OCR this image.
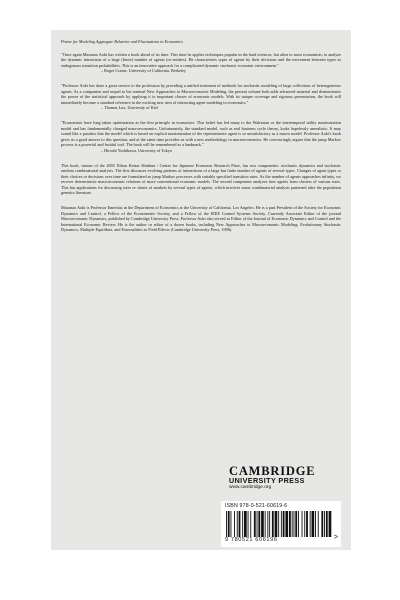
Praise for Modeling Aggregate Behavior and Fluctuations in Economics
"Once again Masanao Aoki has written a book ahead of its time. This time he applies techniques popular in the hard sciences, but alien to most economists, to analyze the dynamic interaction of a large (finite) number of agents (or entities). He characterizes types of agents by their decisions and the movement between types as endogenous transition probabilities. This is an innovative approach for a complicated dynamic stochastic economic environment."
– Roger Craine, University of California, Berkeley
"Professor Aoki has done a great service to the profession by providing a unified treatment of methods for stochastic modeling of large collections of heterogeneous agents. As a companion and sequel to his seminal New Approaches to Macroeconomic Modeling, the present volume both adds advanced material and demonstrates the power of the statistical approach by applying it to important classes of economic models. With its unique coverage and rigorous presentation, the book will immediately become a standard reference in the exciting new area of interacting agent modeling in economics."
– Thomas Lux, University of Kiel
"Economists have long taken optimization as the first principle in economics. This belief has led many to the Walrasian or the intertemporal utility maximization model and has fundamentally changed macroeconomics. Unfortunately, the standard model, such as real business cycle theory, looks hopelessly unrealistic. It may sound like a paradox that the model which is based on explicit maximization of the representative agent is so unsatisfactory as a macro model. Professor Aoki's book gives us a good answer to this question, and at the same time provides us with a new methodology in macroeconomics. He convincingly argues that the jump Markov process is a powerful and fruitful tool. The book will be remembered as a landmark."
– Hiroshi Yoshikawa, University of Tokyo
This book, winner of the 2003 Nihon Keizai Shinbun / Center for Japanese Economic Research Prize, has two components: stochastic dynamics and stochastic random combinatorial analysis. The first discusses evolving patterns of interactions of a large but finite number of agents of several types. Changes of agent types or their choices or decisions over time are formulated as jump Markov processes with suitably specified transition rates. As the number of agents approaches infinity, we recover deterministic macroeconomic relations of more conventional economic models. The second component analyzes how agents form clusters of various sizes. This has applications for discussing sizes or shares of markets by several types of agents, which involves some combinatorial analysis patterned after the population genetics literature.
Masanao Aoki is Professor Emeritus in the Department of Economics at the University of California, Los Angeles. He is a past President of the Society for Economic Dynamics and Control, a Fellow of the Econometric Society, and a Fellow of the IEEE Control Systems Society. Currently Associate Editor of the journal Macroeconomic Dynamics, published by Cambridge University Press, Professor Aoki also served as Editor of the Journal of Economic Dynamics and Control and the International Economic Review. He is the author or editor of a dozen books, including New Approaches to Macroeconomic Modeling: Evolutionary Stochastic Dynamics, Multiple Equilibria, and Externalities as Field Effects (Cambridge University Press, 1996).
CAMBRIDGE
UNIVERSITY PRESS
www.cambridge.org
ISBN 978-0-521-60619-6
9 780521 606196	>
